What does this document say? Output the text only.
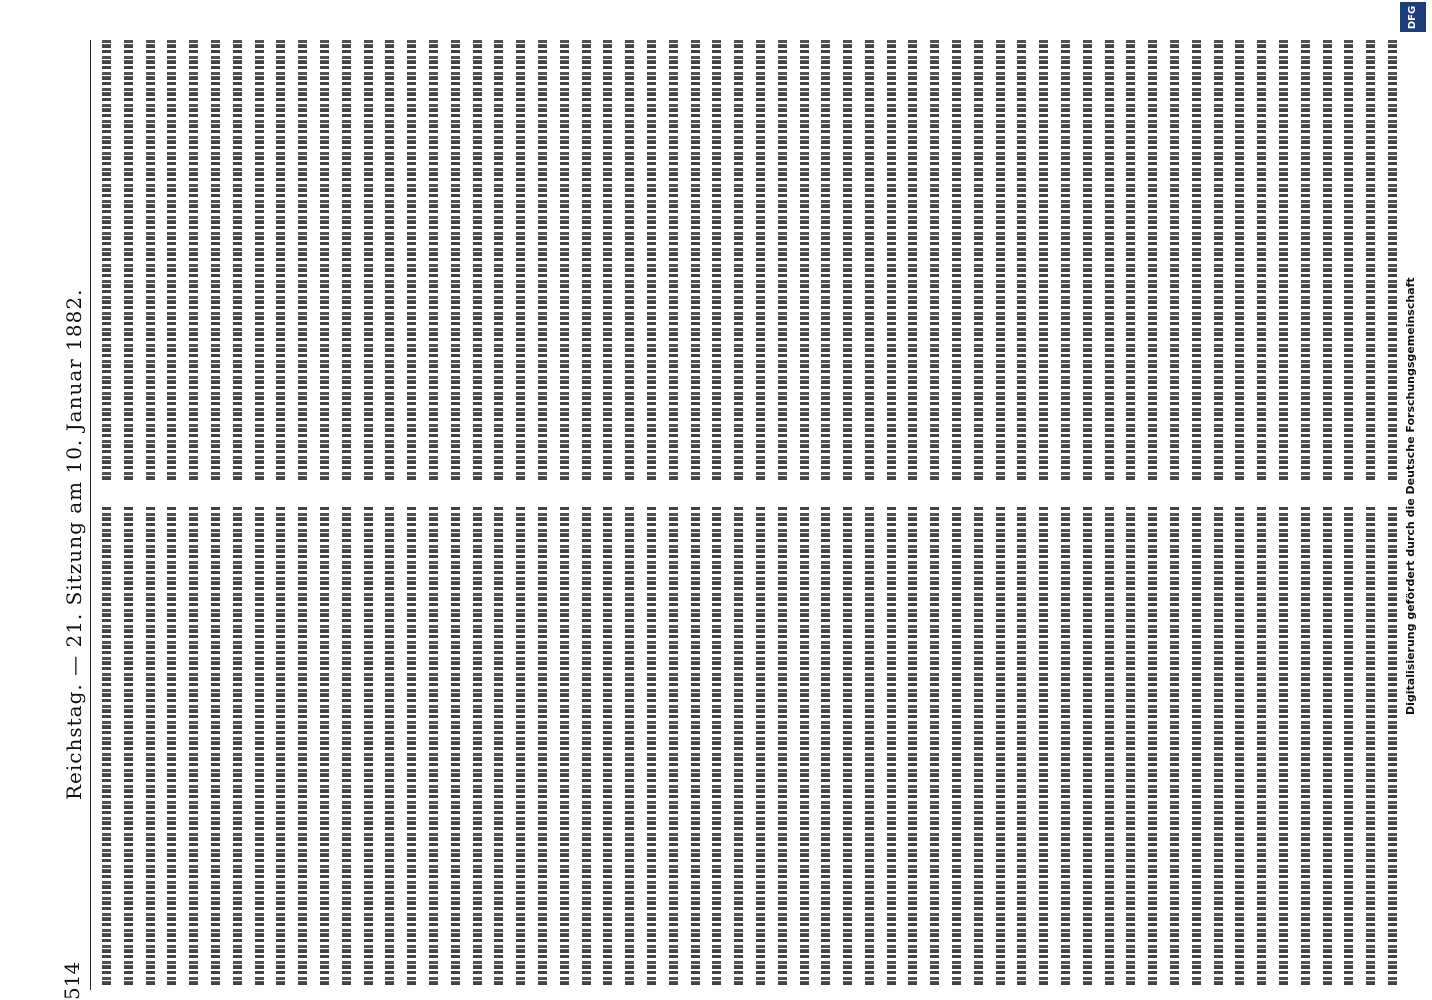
514
Reichstag. — 21. Sitzung am 10. Januar 1882.	Digitalisierung gefördert durch die Deutsche Forschungsgemeinschaft
DFG
